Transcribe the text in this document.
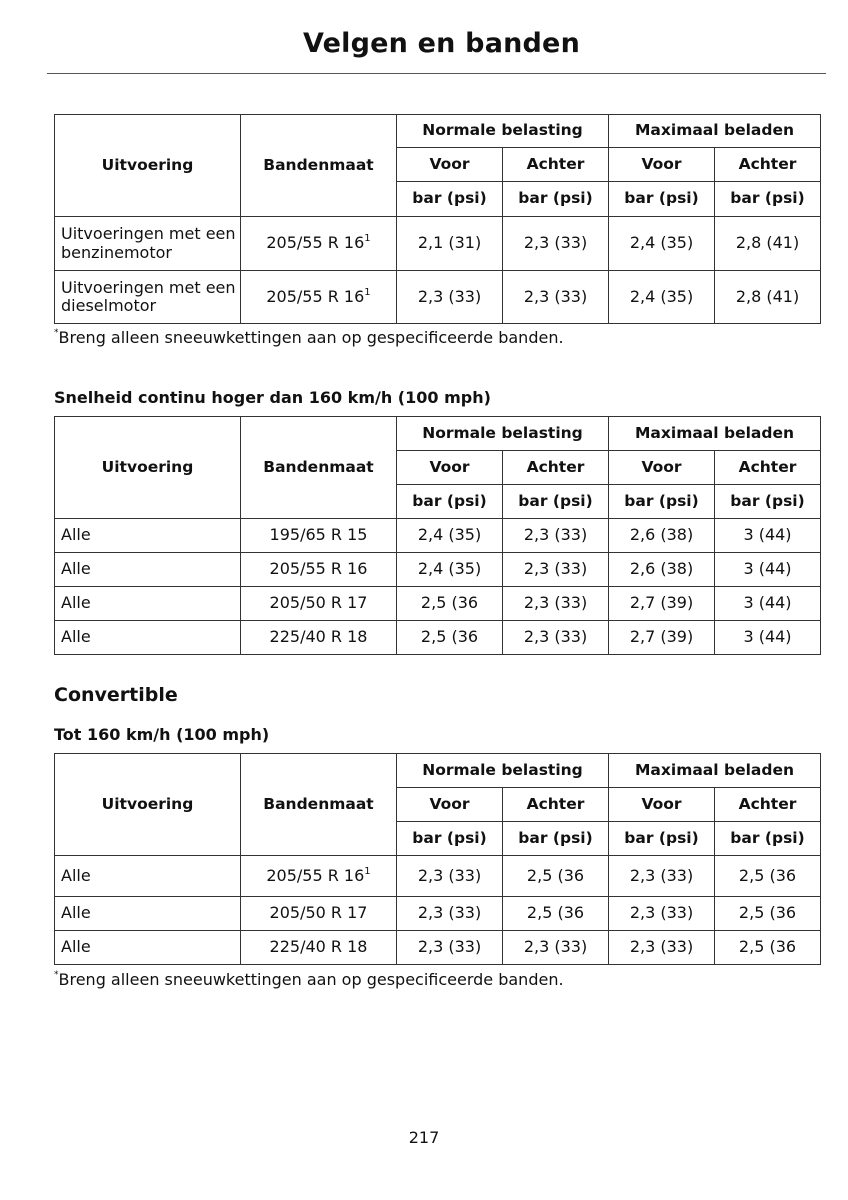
Velgen en banden
Uitvoering	Bandenmaat	Normale belasting		Maximaal beladen	
		Voor	Achter	Voor	Achter
		bar (psi)	bar (psi)	bar (psi)	bar (psi)
Uitvoeringen met een benzinemotor	205/55 R $16^1$	2,1 (31)	2,3 (33)	2,4 (35)	2,8 (41)
Uitvoeringen met een dieselmotor	205/55 R $16^1$	2,3 (33)	2,3 (33)	2,4 (35)	2,8 (41)
*Breng alleen sneeuwkettingen aan op gespecificeerde banden.
Snelheid continu hoger dan 160 km/h (100 mph)
Uitvoering	Bandenmaat	Normale belasting		Maximaal beladen	
		Voor	Achter	Voor	Achter
		bar (psi)	bar (psi)	bar (psi)	bar (psi)
Alle	195/65 R 15	2,4 (35)	2,3 (33)	2,6 (38)	3 (44)
Alle	205/55 R 16	2,4 (35)	2,3 (33)	2,6 (38)	3 (44)
Alle	205/50 R 17	2,5 (36	2,3 (33)	2,7 (39)	3 (44)
Alle	225/40 R 18	2,5 (36	2,3 (33)	2,7 (39)	3 (44)
Convertible
Tot 160 km/h (100 mph)
Uitvoering	Bandenmaat	Normale belasting		Maximaal beladen	
		Voor	Achter	Voor	Achter
		bar (psi)	bar (psi)	bar (psi)	bar (psi)
Alle	205/55 R $16^1$	2,3 (33)	2,5 (36	2,3 (33)	2,5 (36
Alle	205/50 R 17	2,3 (33)	2,5 (36	2,3 (33)	2,5 (36
Alle	225/40 R 18	2,3 (33)	2,3 (33)	2,3 (33)	2,5 (36
*Breng alleen sneeuwkettingen aan op gespecificeerde banden.
217
